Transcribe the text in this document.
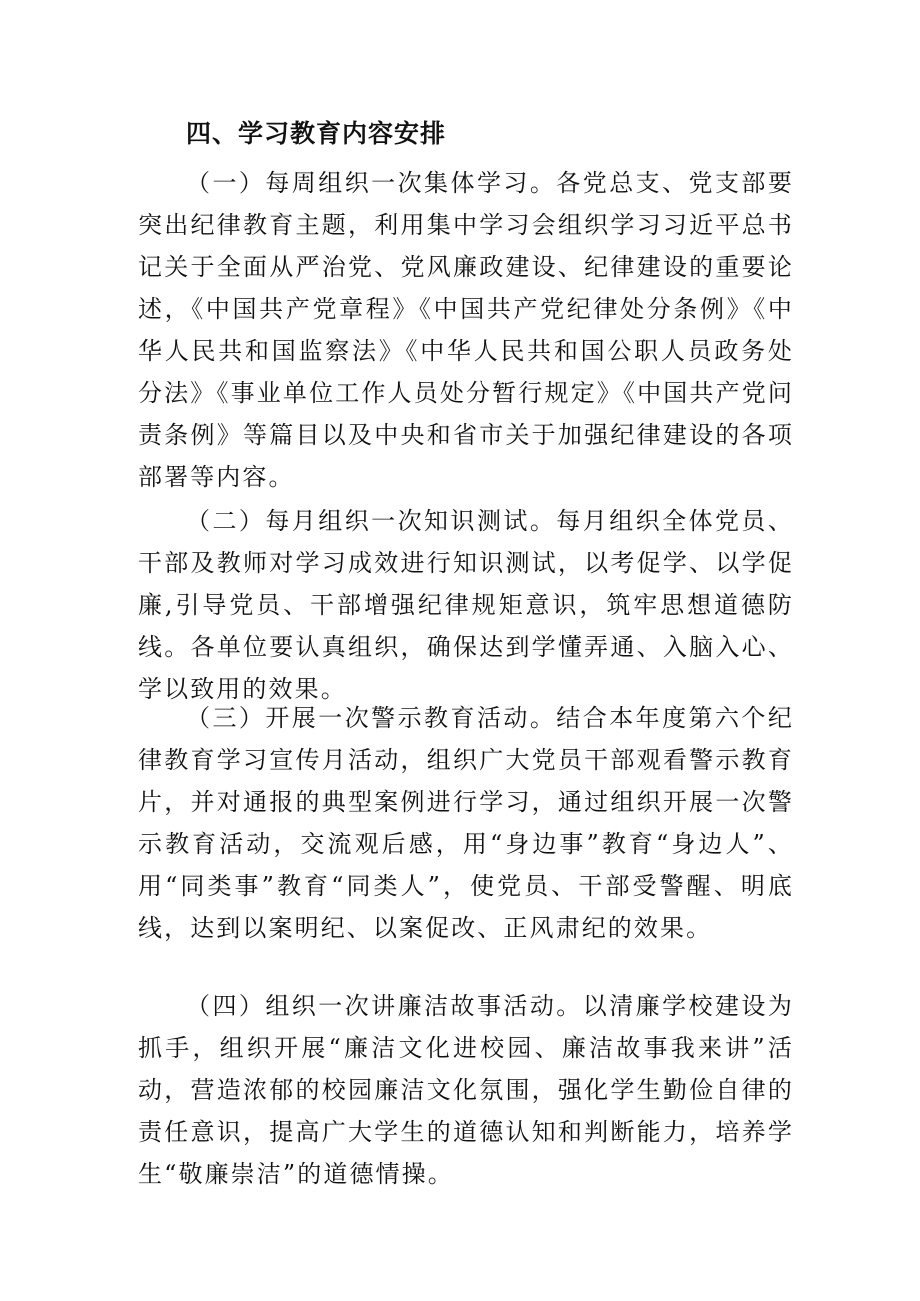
四、学习教育内容安排

（一）每周组织一次集体学习。各党总支、党支部要突出纪律教育主题，利用集中学习会组织学习习近平总书记关于全面从严治党、党风廉政建设、纪律建设的重要论述，《中国共产党章程》《中国共产党纪律处分条例》《中华人民共和国监察法》《中华人民共和国公职人员政务处分法》《事业单位工作人员处分暂行规定》《中国共产党问责条例》等篇目以及中央和省市关于加强纪律建设的各项部署等内容。

（二）每月组织一次知识测试。每月组织全体党员、干部及教师对学习成效进行知识测试，以考促学、以学促廉,引导党员、干部增强纪律规矩意识，筑牢思想道德防线。各单位要认真组织，确保达到学懂弄通、入脑入心、学以致用的效果。

（三）开展一次警示教育活动。结合本年度第六个纪律教育学习宣传月活动，组织广大党员干部观看警示教育片，并对通报的典型案例进行学习，通过组织开展一次警示教育活动，交流观后感，用“身边事”教育“身边人”、用“同类事”教育“同类人”，使党员、干部受警醒、明底线，达到以案明纪、以案促改、正风肃纪的效果。

（四）组织一次讲廉洁故事活动。以清廉学校建设为抓手，组织开展“廉洁文化进校园、廉洁故事我来讲”活动，营造浓郁的校园廉洁文化氛围，强化学生勤俭自律的责任意识，提高广大学生的道德认知和判断能力，培养学生“敬廉崇洁”的道德情操。
